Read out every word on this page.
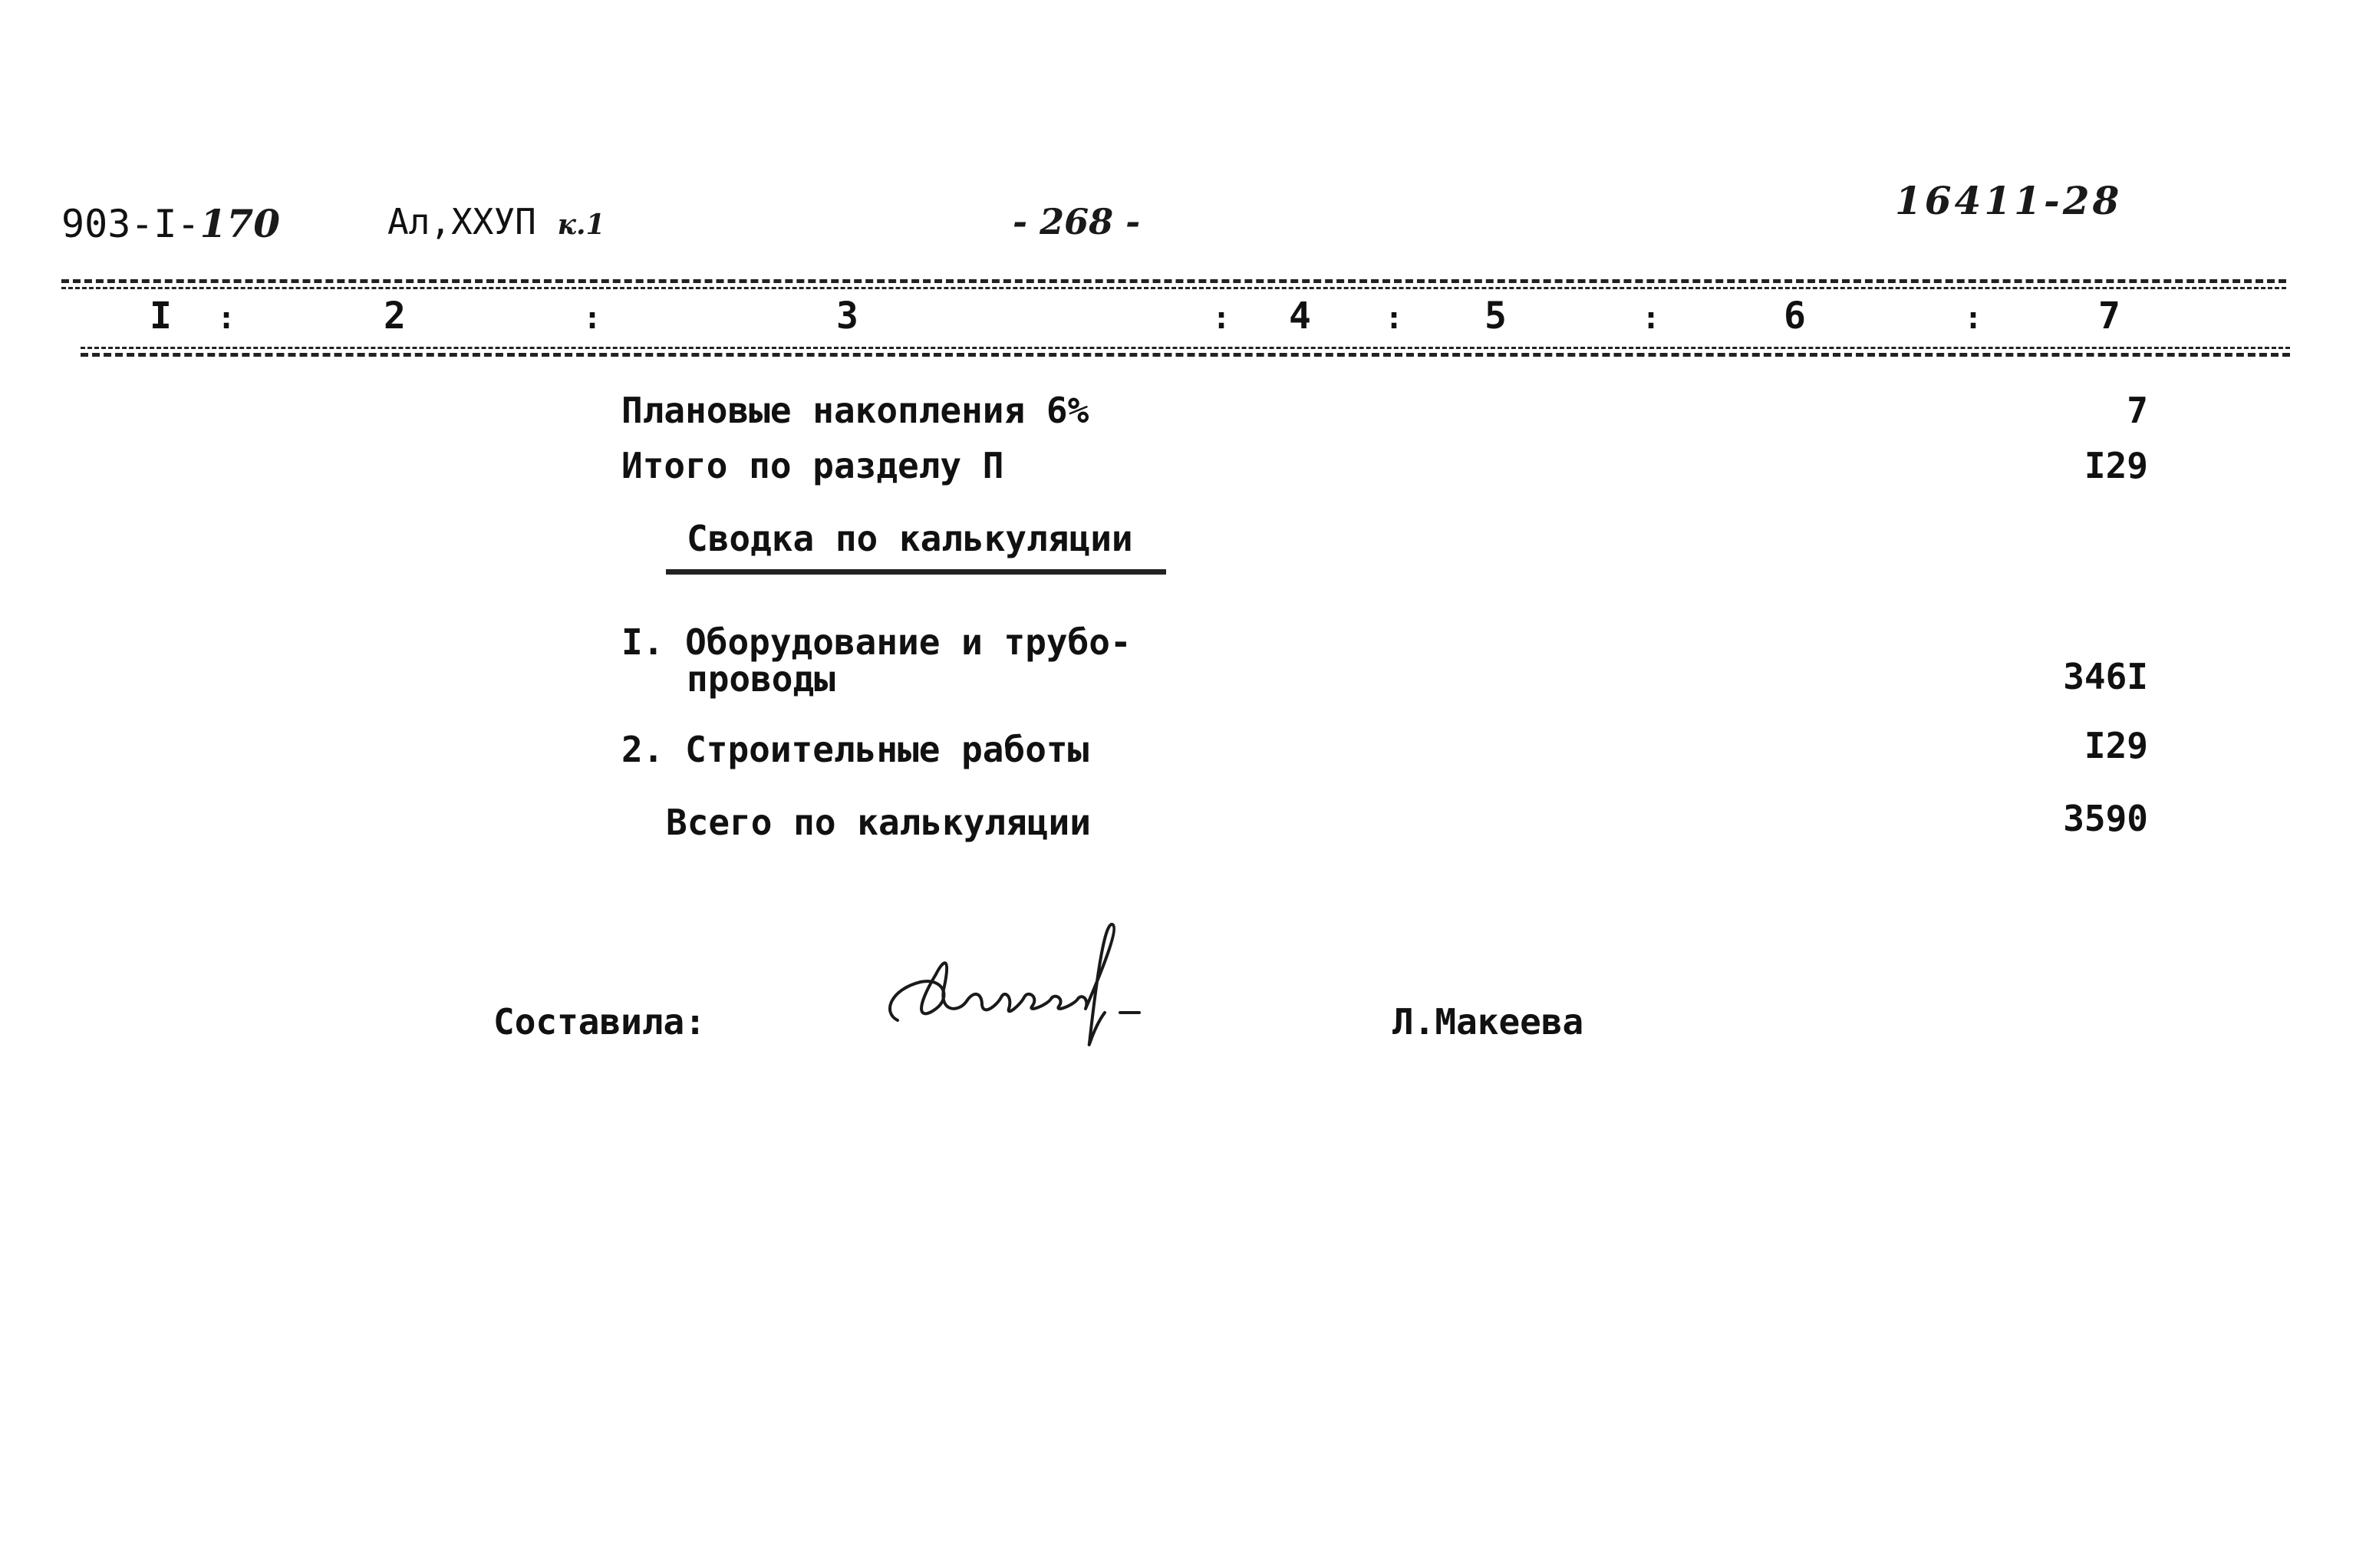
903-I-170	Ал,ХХУП к.1	- 268 -	16411-28
I :	2	:	3	: 4 : 5	:	6	:	7
Плановые накопления 6%	7
Итого по разделу П	I29
Сводка по калькуляции
I. Оборудование и трубо-
проводы	346I
2. Строительные работы	I29
Всего по калькуляции	3590
Составила:	Л.Макеева
